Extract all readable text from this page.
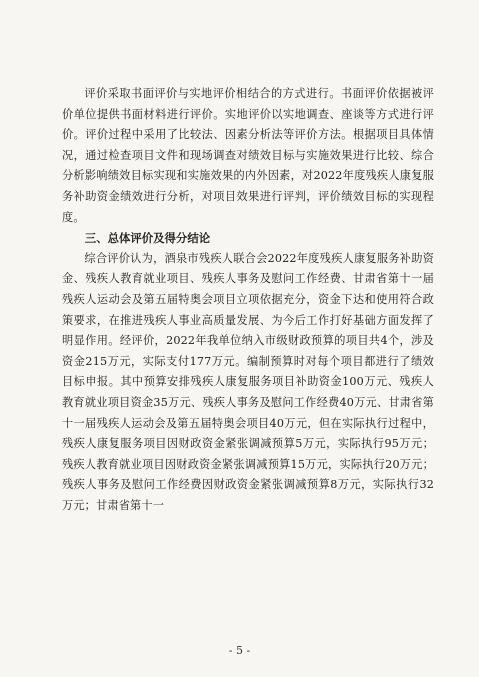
评价采取书面评价与实地评价相结合的方式进行。书面评价依据被评价单位提供书面材料进行评价。实地评价以实地调查、座谈等方式进行评价。评价过程中采用了比较法、因素分析法等评价方法。根据项目具体情况，通过检查项目文件和现场调查对绩效目标与实施效果进行比较、综合分析影响绩效目标实现和实施效果的内外因素，对2022年度残疾人康复服务补助资金绩效进行分析，对项目效果进行评判，评价绩效目标的实现程度。

三、总体评价及得分结论

综合评价认为，酒泉市残疾人联合会2022年度残疾人康复服务补助资金、残疾人教育就业项目、残疾人事务及慰问工作经费、甘肃省第十一届残疾人运动会及第五届特奥会项目立项依据充分，资金下达和使用符合政策要求，在推进残疾人事业高质量发展、为今后工作打好基础方面发挥了明显作用。经评价，2022年我单位纳入市级财政预算的项目共4个，涉及资金215万元，实际支付177万元。编制预算时对每个项目都进行了绩效目标申报。其中预算安排残疾人康复服务项目补助资金100万元、残疾人教育就业项目资金35万元、残疾人事务及慰问工作经费40万元、甘肃省第十一届残疾人运动会及第五届特奥会项目40万元，但在实际执行过程中，残疾人康复服务项目因财政资金紧张调减预算5万元，实际执行95万元；残疾人教育就业项目因财政资金紧张调减预算15万元，实际执行20万元；残疾人事务及慰问工作经费因财政资金紧张调减预算8万元，实际执行32万元；甘肃省第十一

- 5 -
